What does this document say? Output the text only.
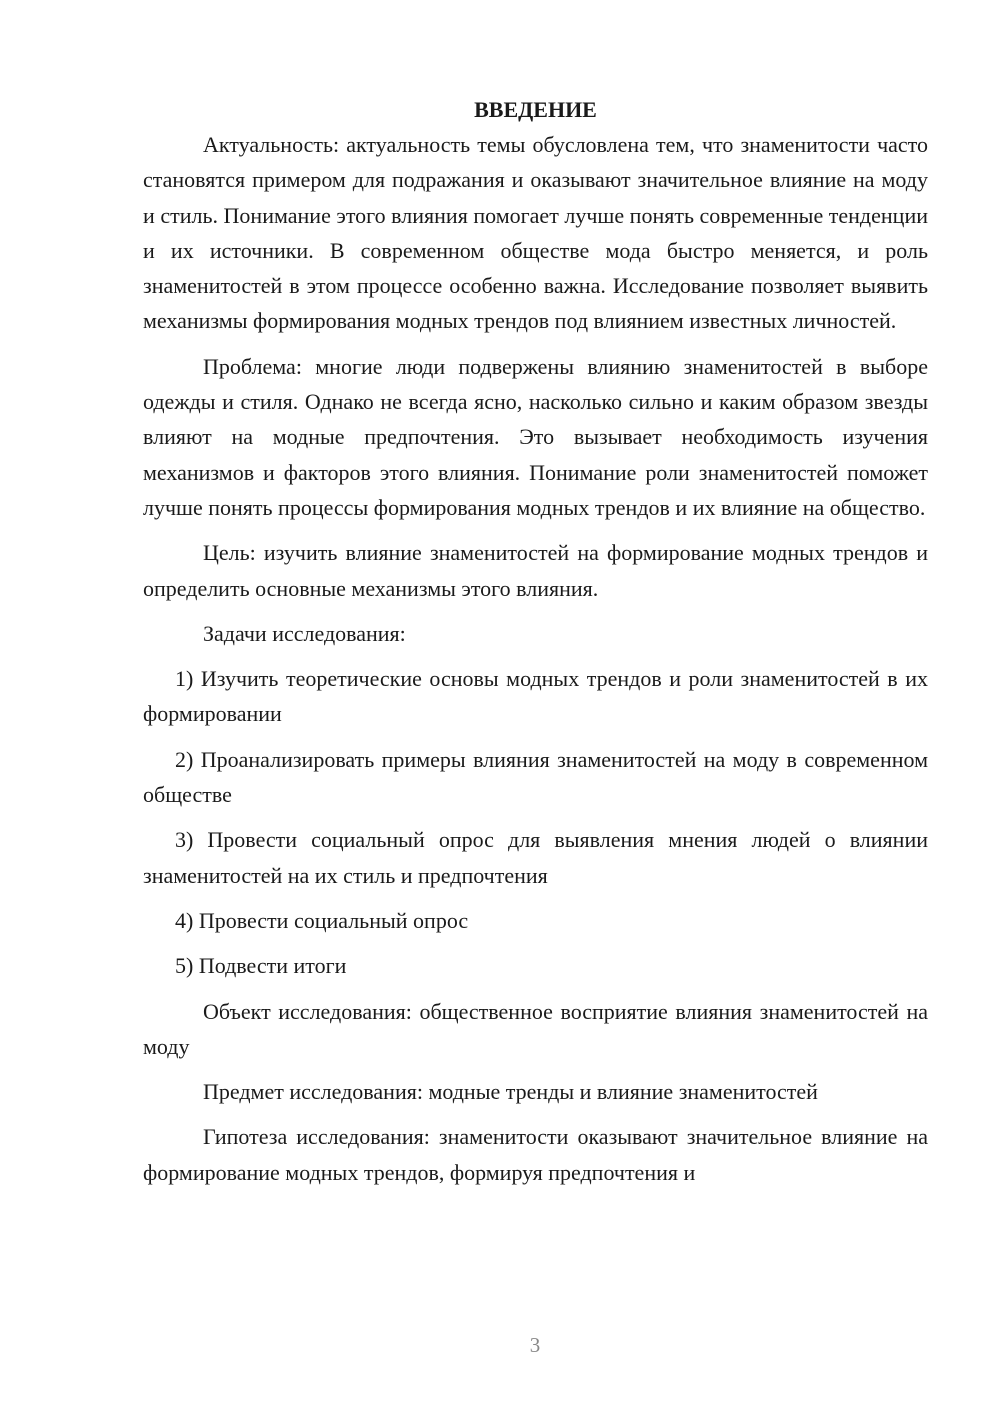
ВВЕДЕНИЕ

Актуальность: актуальность темы обусловлена тем, что знаменитости часто становятся примером для подражания и оказывают значительное влияние на моду и стиль. Понимание этого влияния помогает лучше понять современные тенденции и их источники. В современном обществе мода быстро меняется, и роль знаменитостей в этом процессе особенно важна. Исследование позволяет выявить механизмы формирования модных трендов под влиянием известных личностей.

Проблема: многие люди подвержены влиянию знаменитостей в выборе одежды и стиля. Однако не всегда ясно, насколько сильно и каким образом звезды влияют на модные предпочтения. Это вызывает необходимость изучения механизмов и факторов этого влияния. Понимание роли знаменитостей поможет лучше понять процессы формирования модных трендов и их влияние на общество.

Цель: изучить влияние знаменитостей на формирование модных трендов и определить основные механизмы этого влияния.

Задачи исследования:

1) Изучить теоретические основы модных трендов и роли знаменитостей в их формировании

2) Проанализировать примеры влияния знаменитостей на моду в современном обществе

3) Провести социальный опрос для выявления мнения людей о влиянии знаменитостей на их стиль и предпочтения

4) Провести социальный опрос

5) Подвести итоги

Объект исследования: общественное восприятие влияния знаменитостей на моду

Предмет исследования: модные тренды и влияние знаменитостей

Гипотеза исследования: знаменитости оказывают значительное влияние на формирование модных трендов, формируя предпочтения и

3
